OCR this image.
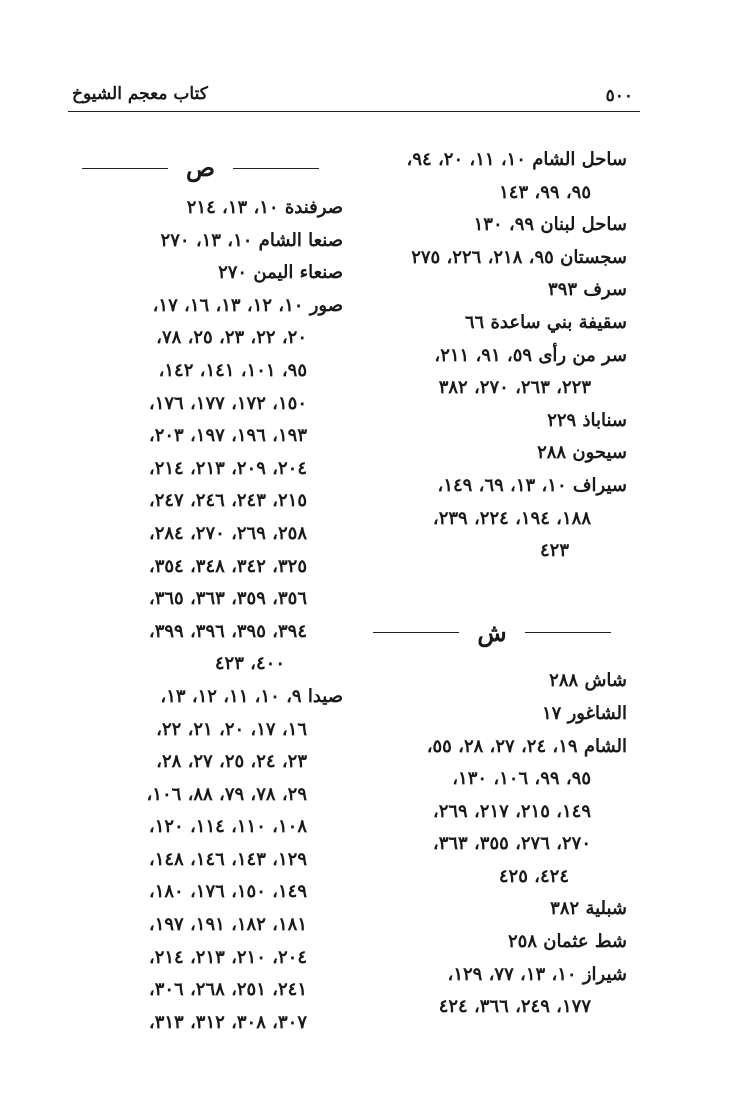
كتاب معجم الشيوخ	٥٠٠
ساحل الشام ١٠، ١١، ٢٠، ٩٤،
٩٥، ٩٩، ١٤٣
ساحل لبنان ٩٩، ١٣٠
سجستان ٩٥، ٢١٨، ٢٢٦، ٢٧٥
سرف ٣٩٣
سقيفة بني ساعدة ٦٦
سر من رأى ٥٩، ٩١، ٢١١،
٢٢٣، ٢٦٣، ٢٧٠، ٣٨٢
سناباذ ٢٢٩
سيحون ٢٨٨
سيراف ١٠، ١٣، ٦٩، ١٤٩،
١٨٨، ١٩٤، ٢٢٤، ٢٣٩،
٤٢٣
ش
شاش ٢٨٨
الشاغور ١٧
الشام ١٩، ٢٤، ٢٧، ٢٨، ٥٥،
٩٥، ٩٩، ١٠٦، ١٣٠،
١٤٩، ٢١٥، ٢١٧، ٢٦٩،
٢٧٠، ٢٧٦، ٣٥٥، ٣٦٣،
٤٢٤، ٤٢٥
شبلية ٣٨٢
شط عثمان ٢٥٨
شيراز ١٠، ١٣، ٧٧، ١٢٩،
١٧٧، ٢٤٩، ٣٦٦، ٤٢٤
ص
صرفندة ١٠، ١٣، ٢١٤
صنعا الشام ١٠، ١٣، ٢٧٠
صنعاء اليمن ٢٧٠
صور ١٠، ١٢، ١٣، ١٦، ١٧،
٢٠، ٢٢، ٢٣، ٢٥، ٧٨،
٩٥، ١٠١، ١٤١، ١٤٢،
١٥٠، ١٧٢، ١٧٧، ١٧٦،
١٩٣، ١٩٦، ١٩٧، ٢٠٣،
٢٠٤، ٢٠٩، ٢١٣، ٢١٤،
٢١٥، ٢٤٣، ٢٤٦، ٢٤٧،
٢٥٨، ٢٦٩، ٢٧٠، ٢٨٤،
٣٢٥، ٣٤٢، ٣٤٨، ٣٥٤،
٣٥٦، ٣٥٩، ٣٦٣، ٣٦٥،
٣٩٤، ٣٩٥، ٣٩٦، ٣٩٩،
٤٠٠، ٤٢٣
صيدا ٩، ١٠، ١١، ١٢، ١٣،
١٦، ١٧، ٢٠، ٢١، ٢٢،
٢٣، ٢٤، ٢٥، ٢٧، ٢٨،
٢٩، ٧٨، ٧٩، ٨٨، ١٠٦،
١٠٨، ١١٠، ١١٤، ١٢٠،
١٢٩، ١٤٣، ١٤٦، ١٤٨،
١٤٩، ١٥٠، ١٧٦، ١٨٠،
١٨١، ١٨٢، ١٩١، ١٩٧،
٢٠٤، ٢١٠، ٢١٣، ٢١٤،
٢٤١، ٢٥١، ٢٦٨، ٣٠٦،
٣٠٧، ٣٠٨، ٣١٢، ٣١٣،
